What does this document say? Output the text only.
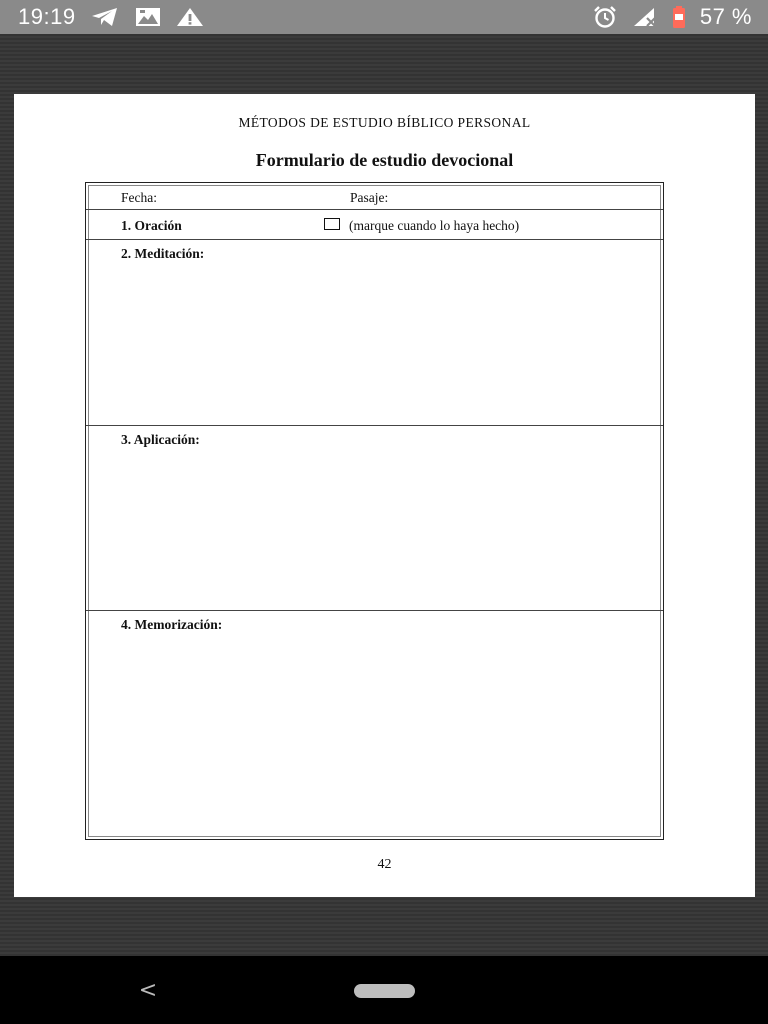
19:19	57 %
MÉTODOS DE ESTUDIO BÍBLICO PERSONAL
Formulario de estudio devocional
Fecha:	Pasaje:
1. Oración	(marque cuando lo haya hecho)
2. Meditación:
3. Aplicación:
4. Memorización:
42
<
